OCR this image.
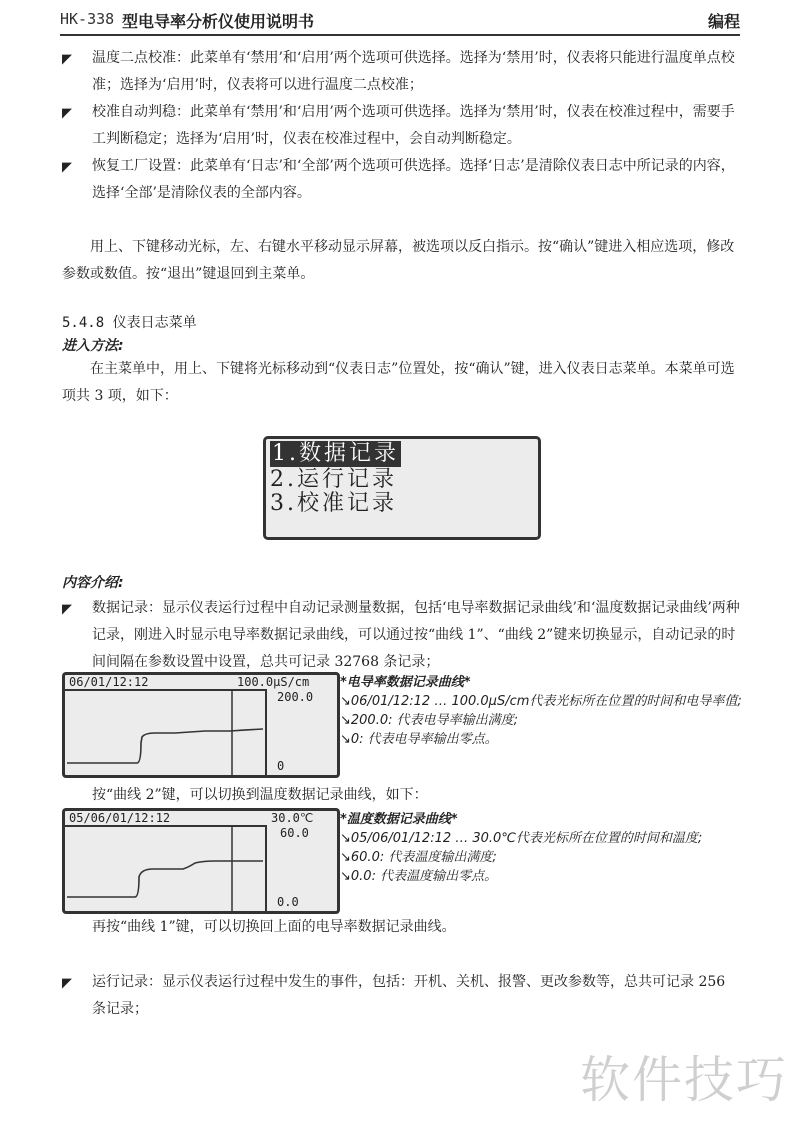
HK-338 型电导率分析仪使用说明书	编程
◤ 温度二点校准：此菜单有‘禁用’和‘启用’两个选项可供选择。选择为‘禁用’时，仪表将只能进行温度单点校准；选择为‘启用’时，仪表将可以进行温度二点校准；
◤ 校准自动判稳：此菜单有‘禁用’和‘启用’两个选项可供选择。选择为‘禁用’时，仪表在校准过程中，需要手工判断稳定；选择为‘启用’时，仪表在校准过程中，会自动判断稳定。
◤ 恢复工厂设置：此菜单有‘日志’和‘全部’两个选项可供选择。选择‘日志’是清除仪表日志中所记录的内容，选择‘全部’是清除仪表的全部内容。
用上、下键移动光标，左、右键水平移动显示屏幕，被选项以反白指示。按“确认”键进入相应选项，修改参数或数值。按“退出”键退回到主菜单。
5.4.8 仪表日志菜单
进入方法:
在主菜单中，用上、下键将光标移动到“仪表日志”位置处，按“确认”键，进入仪表日志菜单。本菜单可选项共 3 项，如下：
1.数据记录
2.运行记录
3.校准记录
内容介绍:
◤ 数据记录：显示仪表运行过程中自动记录测量数据，包括‘电导率数据记录曲线’和‘温度数据记录曲线’两种记录，刚进入时显示电导率数据记录曲线，可以通过按“曲线 1”、“曲线 2”键来切换显示，自动记录的时间间隔在参数设置中设置，总共可记录 32768 条记录；
06/01/12:12	100.0μS/cm
200.0
0
*电导率数据记录曲线*
↘06/01/12:12 … 100.0μS/cm代表光标所在位置的时间和电导率值;
↘200.0: 代表电导率输出满度;
↘0: 代表电导率输出零点。
按“曲线 2”键，可以切换到温度数据记录曲线，如下：
05/06/01/12:12	30.0℃
60.0
0.0
*温度数据记录曲线*
↘05/06/01/12:12 … 30.0℃代表光标所在位置的时间和温度;
↘60.0: 代表温度输出满度;
↘0.0: 代表温度输出零点。
再按“曲线 1”键，可以切换回上面的电导率数据记录曲线。
◤ 运行记录：显示仪表运行过程中发生的事件，包括：开机、关机、报警、更改参数等，总共可记录 256 条记录；
软件技巧
